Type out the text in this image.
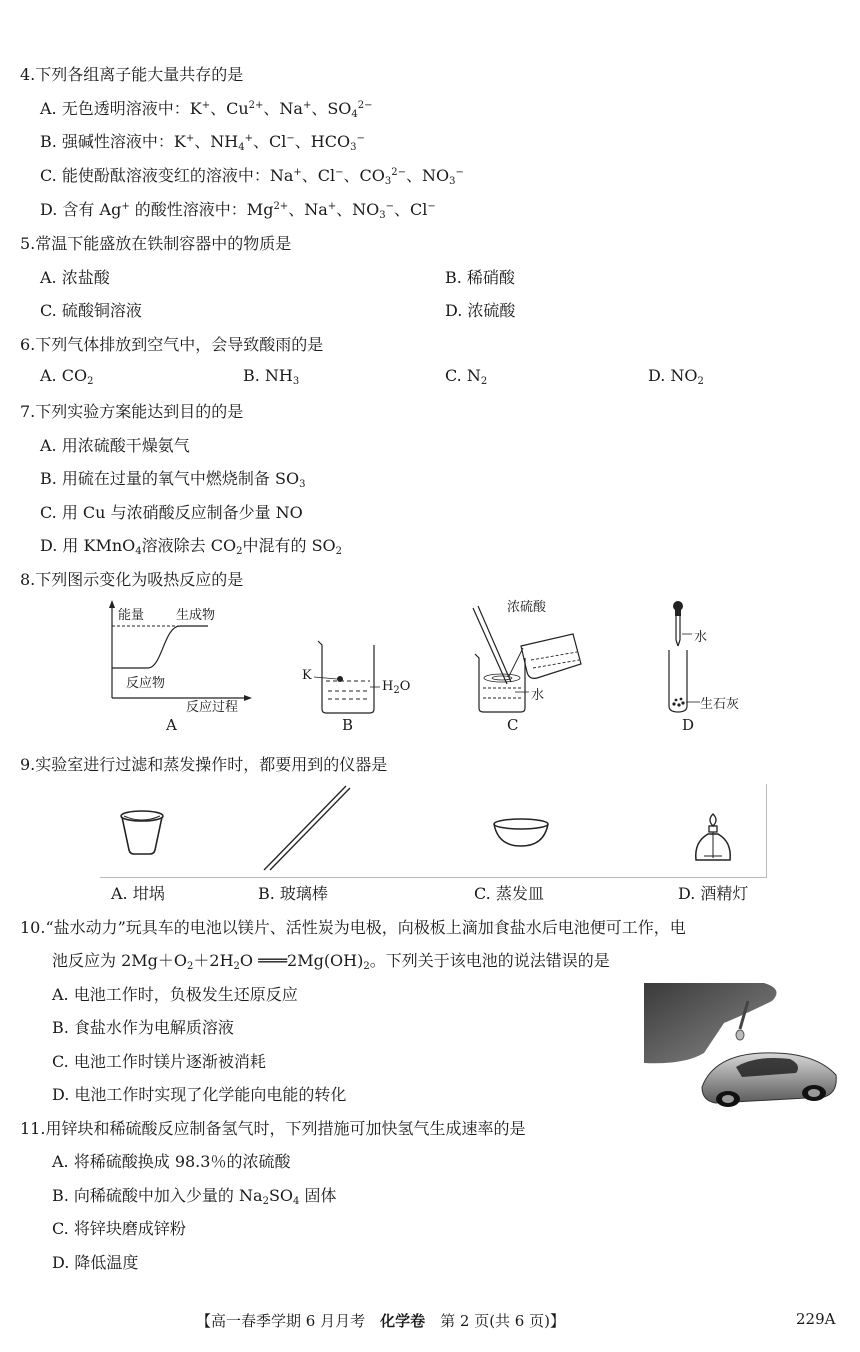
4.下列各组离子能大量共存的是
A. 无色透明溶液中：K+、$Cu^{2+}$、Na+、$SO_4^{2-}$
B. 强碱性溶液中：K+、$NH_4^+$、Cl−、$HCO_3^-$
C. 能使酚酞溶液变红的溶液中：Na+、Cl−、$CO_3^{2-}$、$NO_3^-$
D. 含有 Ag+ 的酸性溶液中：$Mg^{2+}$、Na+、$NO_3^-$、Cl−
5.常温下能盛放在铁制容器中的物质是
A. 浓盐酸	B. 稀硝酸
C. 硫酸铜溶液	D. 浓硫酸
6.下列气体排放到空气中，会导致酸雨的是
A. $CO_2$	B. $NH_3$	C. $N_2$	D. $NO_2$
7.下列实验方案能达到目的的是
A. 用浓硫酸干燥氨气
B. 用硫在过量的氧气中燃烧制备 $SO_3$
C. 用 Cu 与浓硝酸反应制备少量 NO
D. 用 KMnO$_4$溶液除去 $CO_2$中混有的 $SO_2$
8.下列图示变化为吸热反应的是
能量 生成物
反应物
反应过程
A
K
$H_2O$
B
浓硫酸
水
C
水
生石灰
D
9.实验室进行过滤和蒸发操作时，都要用到的仪器是
A. 坩埚	B. 玻璃棒	C. 蒸发皿	D. 酒精灯
10.“盐水动力”玩具车的电池以镁片、活性炭为电极，向极板上滴加食盐水后电池便可工作，电
池反应为 $2Mg+O_2+2H_2O$ $═══2Mg(OH)_2$。下列关于该电池的说法错误的是
A. 电池工作时，负极发生还原反应
B. 食盐水作为电解质溶液
C. 电池工作时镁片逐渐被消耗
D. 电池工作时实现了化学能向电能的转化
11.用锌块和稀硫酸反应制备氢气时，下列措施可加快氢气生成速率的是
A. 将稀硫酸换成 98.3％的浓硫酸
B. 向稀硫酸中加入少量的 $Na_2SO_4$ 固体
C. 将锌块磨成锌粉
D. 降低温度
【高一春季学期 6 月月考　化学卷　第 2 页(共 6 页)】	229A
